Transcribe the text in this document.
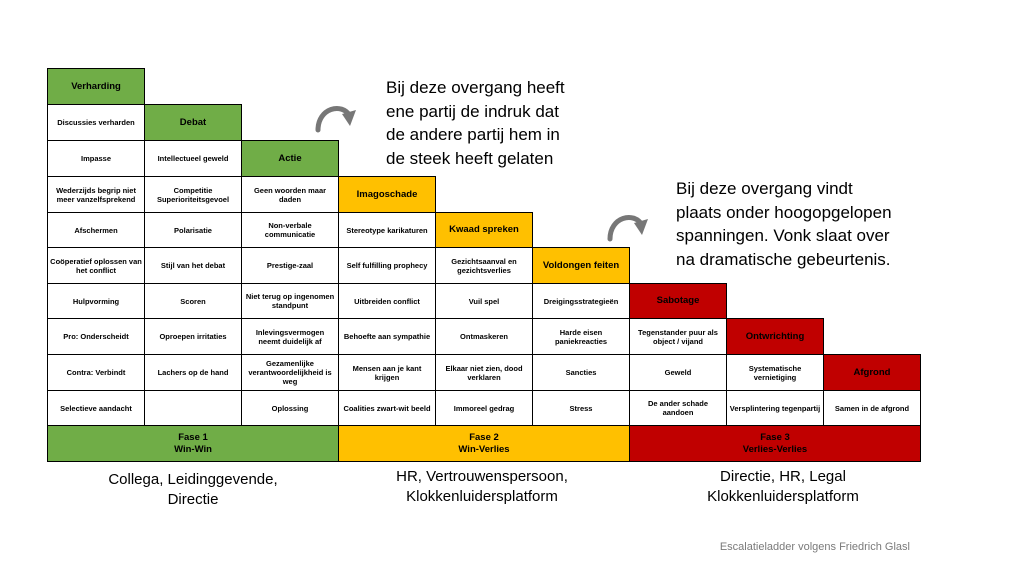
Verharding
Discussies verharden
Impasse
Wederzijds begrip niet meer vanzelfsprekend
Afschermen
Coöperatief oplossen van het conflict
Hulpvorming
Pro: Onderscheidt
Contra: Verbindt
Selectieve aandacht
Debat
Intellectueel geweld
Competitie Superioriteitsgevoel
Polarisatie
Stijl van het debat
Scoren
Oproepen irritaties
Lachers op de hand
Actie
Geen woorden maar daden
Non-verbale communicatie
Prestige-zaal
Niet terug op ingenomen standpunt
Inlevingsvermogen neemt duidelijk af
Gezamenlijke verantwoordelijkheid is weg
Oplossing
Imagoschade
Stereotype karikaturen
Self fulfilling prophecy
Uitbreiden conflict
Behoefte aan sympathie
Mensen aan je kant krijgen
Coalities zwart-wit beeld
Kwaad spreken
Gezichtsaanval en gezichtsverlies
Vuil spel
Ontmaskeren
Elkaar niet zien, dood verklaren
Immoreel gedrag
Voldongen feiten
Dreigingsstrategieën
Harde eisen paniekreacties
Sancties
Stress
Sabotage
Tegenstander puur als object / vijand
Geweld
De ander schade aandoen
Ontwrichting
Systematische vernietiging
Versplintering tegenpartij
Afgrond
Samen in de afgrond
Fase 1
Win-Win
Fase 2
Win-Verlies
Fase 3
Verlies-Verlies

Bij deze overgang heeft
ene partij de indruk dat
de andere partij hem in
de steek heeft gelaten

Bij deze overgang vindt
plaats onder hoogopgelopen
spanningen. Vonk slaat over
na dramatische gebeurtenis.

Collega, Leidinggevende,
Directie

HR, Vertrouwenspersoon,
Klokkenluidersplatform

Directie, HR, Legal
Klokkenluidersplatform

Escalatieladder volgens Friedrich Glasl
